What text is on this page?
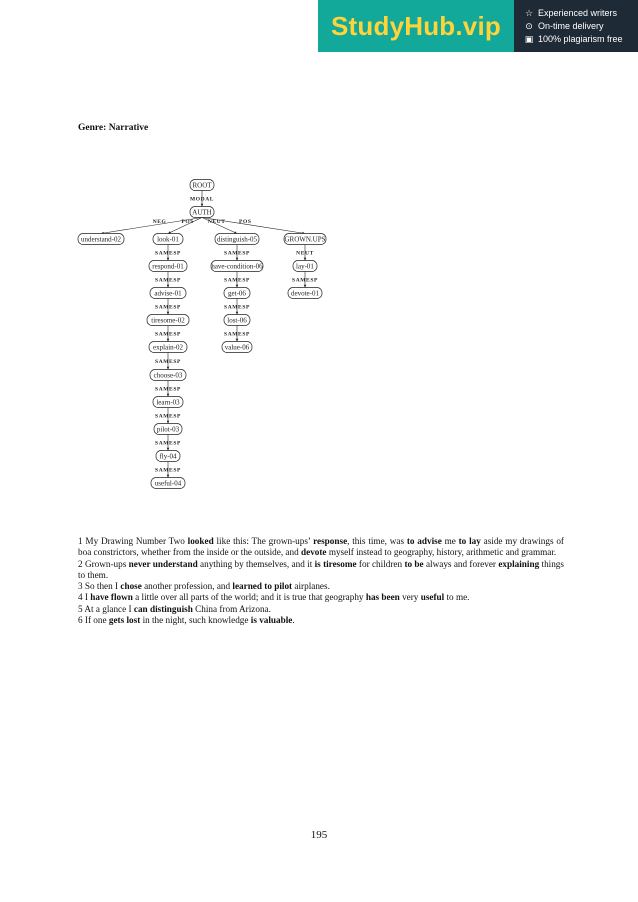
StudyHub.vip	☆ Experienced writers
⊙ On-time delivery
▣ 100% plagiarism free
Genre: Narrative
MODAL
NEG	POS	NEUT POS
SAMESP
SAMESP
SAMESP
SAMESP
SAMESP
SAMESP
SAMESP
SAMESP
SAMESP
SAMESP
SAMESP
SAMESP
SAMESP
NEUT
SAMESP
ROOT
AUTH
understand-02	look-01	distinguish-05	GROWN.UPS
respond-01	have-condition-06	lay-01
advise-01	get-06	devote-01
tiresome-02	lost-06
explain-02	value-06
choose-03
learn-03
pilot-03
fly-04
useful-04

1 My Drawing Number Two looked like this: The grown-ups’ response, this time, was to advise me to lay aside my drawings of boa constrictors, whether from the inside or the outside, and devote myself instead to geography, history, arithmetic and grammar.

2 Grown-ups never understand anything by themselves, and it is tiresome for children to be always and forever explaining things to them.

3 So then I chose another profession, and learned to pilot airplanes.

4 I have flown a little over all parts of the world; and it is true that geography has been very useful to me.

5 At a glance I can distinguish China from Arizona.

6 If one gets lost in the night, such knowledge is valuable.

195
